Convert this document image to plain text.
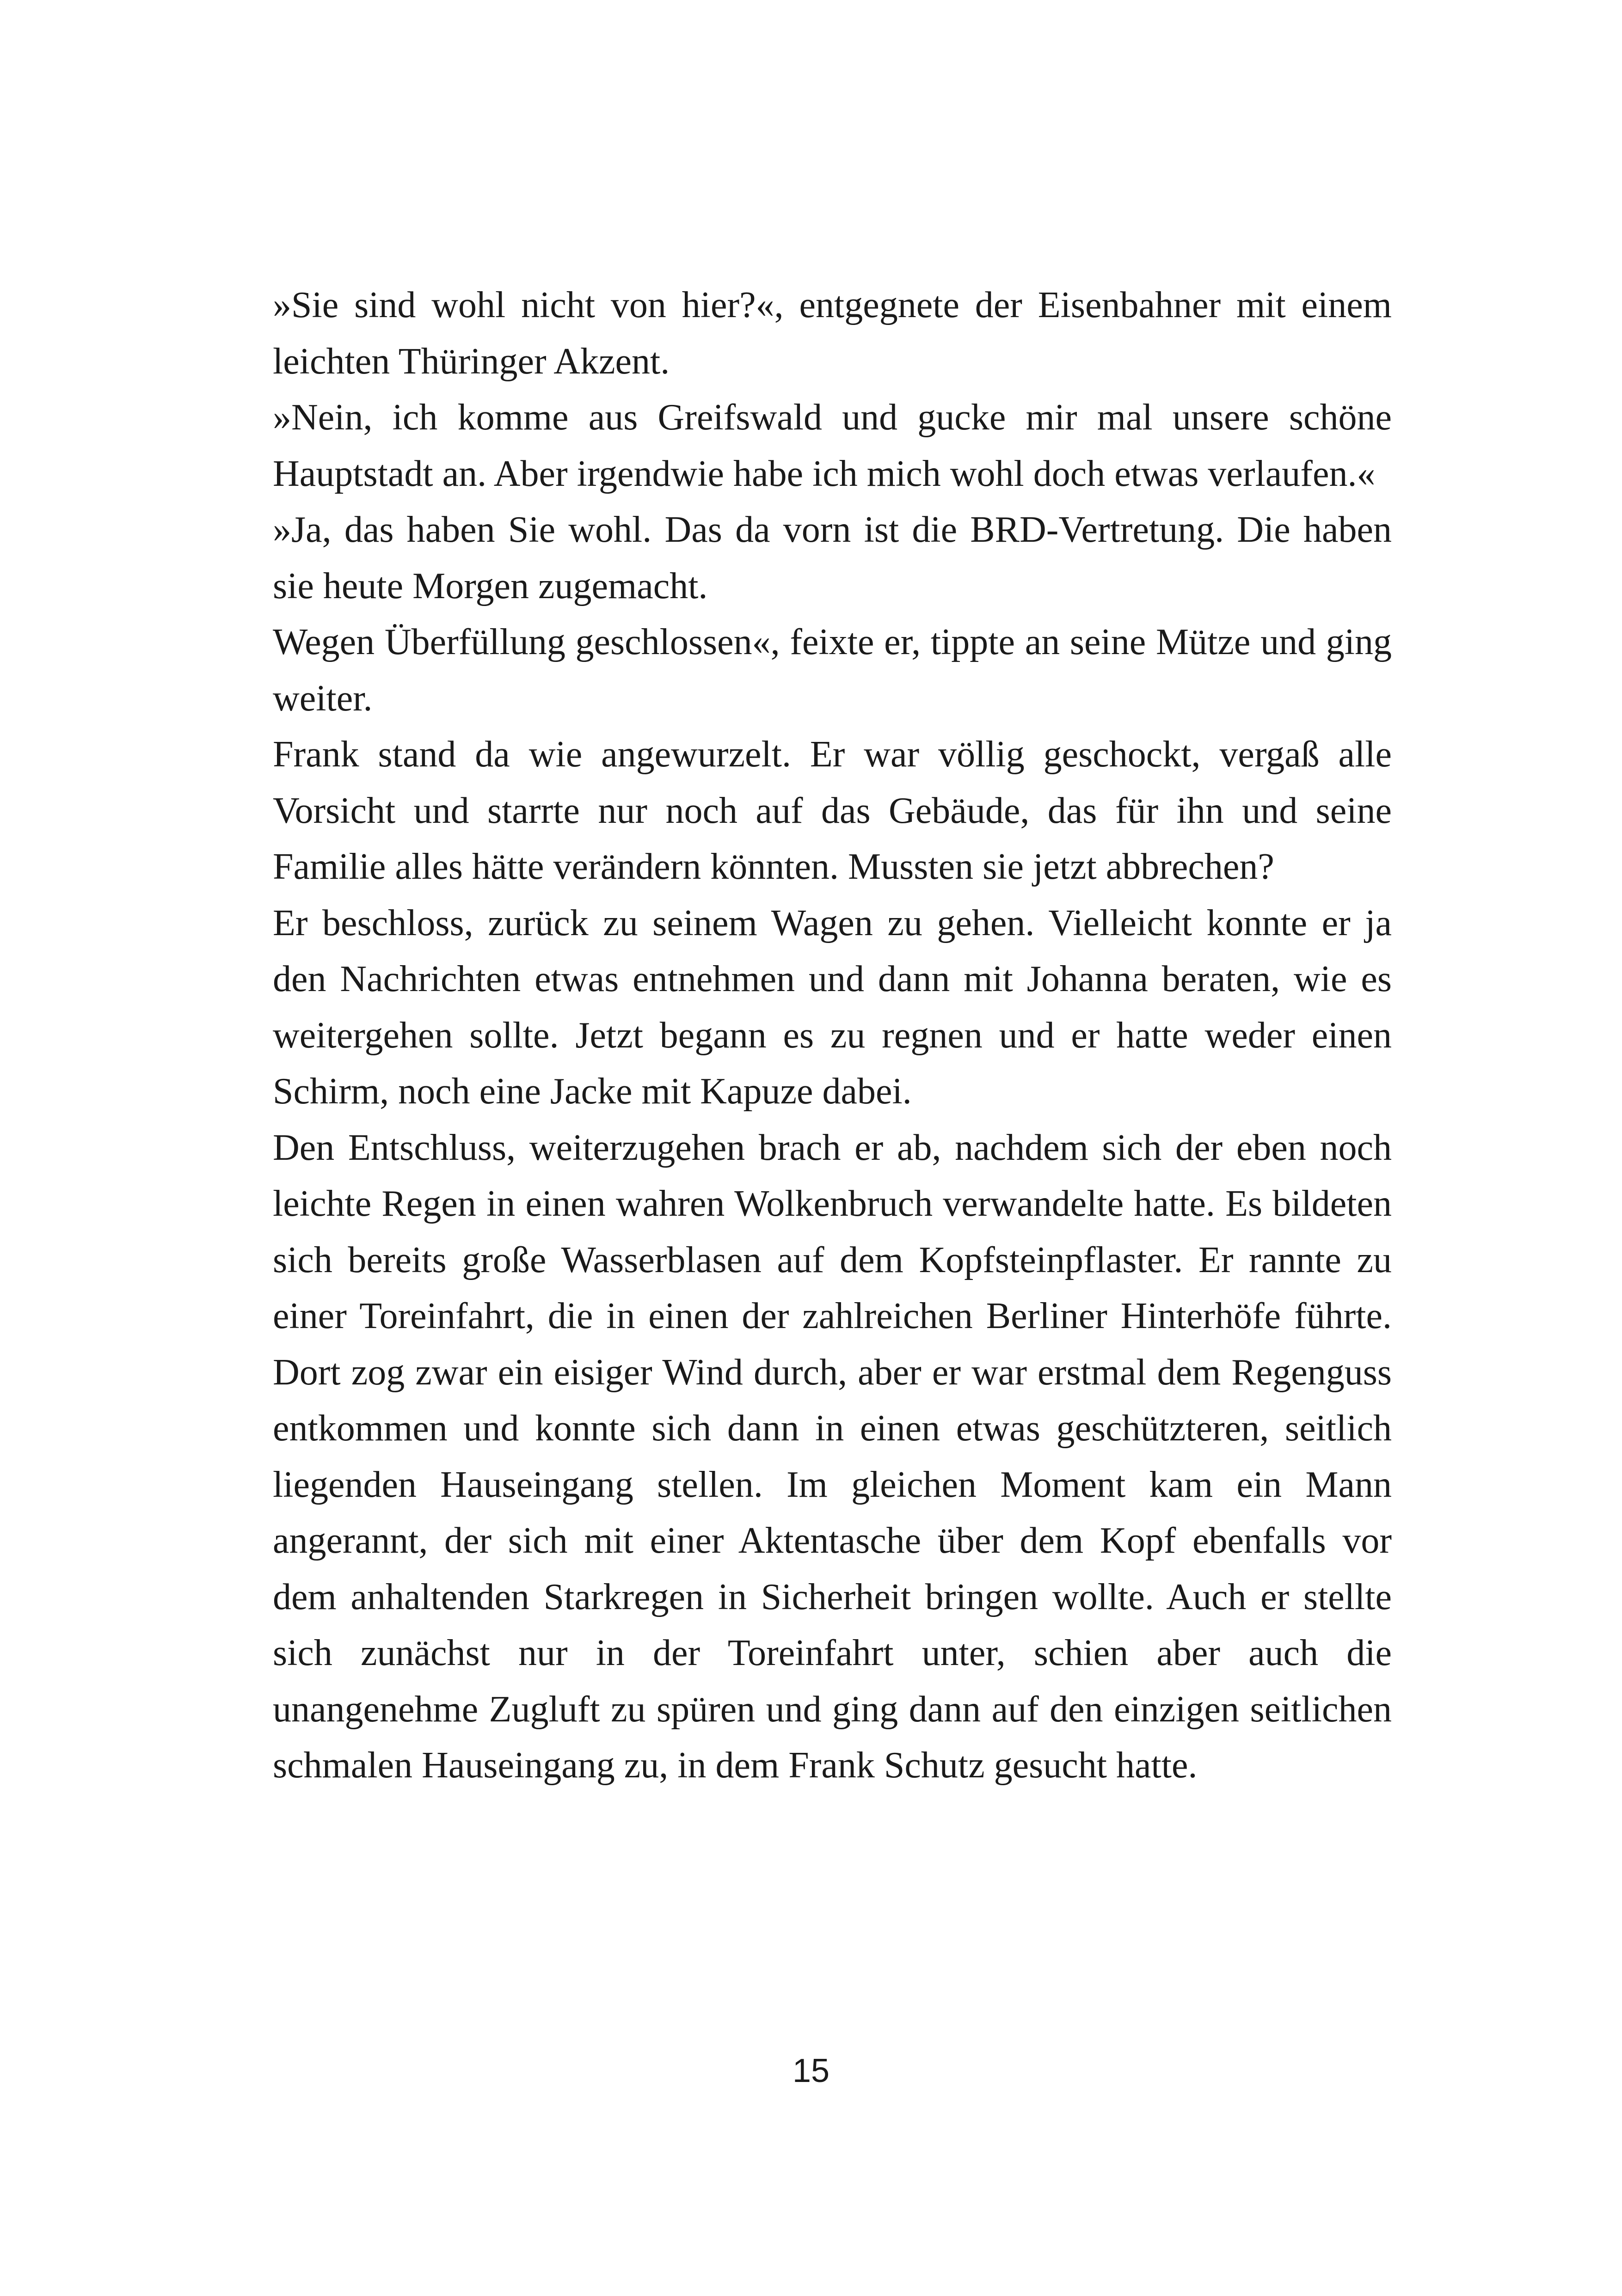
»Sie sind wohl nicht von hier?«, entgegnete der Eisenbahner mit einem leichten Thüringer Akzent.

»Nein, ich komme aus Greifswald und gucke mir mal unsere schöne Hauptstadt an. Aber irgendwie habe ich mich wohl doch etwas verlaufen.«

»Ja, das haben Sie wohl. Das da vorn ist die BRD-Vertretung. Die haben sie heute Morgen zugemacht.

Wegen Überfüllung geschlossen«, feixte er, tippte an seine Mütze und ging weiter.

Frank stand da wie angewurzelt. Er war völlig geschockt, vergaß alle Vorsicht und starrte nur noch auf das Gebäude, das für ihn und seine Familie alles hätte verändern könnten. Mussten sie jetzt abbrechen?

Er beschloss, zurück zu seinem Wagen zu gehen. Vielleicht konnte er ja den Nachrichten etwas entnehmen und dann mit Johanna beraten, wie es weitergehen sollte. Jetzt begann es zu regnen und er hatte weder einen Schirm, noch eine Jacke mit Kapuze dabei.

Den Entschluss, weiterzugehen brach er ab, nachdem sich der eben noch leichte Regen in einen wahren Wolkenbruch verwandelte hatte. Es bildeten sich bereits große Wasserblasen auf dem Kopfsteinpflaster. Er rannte zu einer Toreinfahrt, die in einen der zahlreichen Berliner Hinterhöfe führte. Dort zog zwar ein eisiger Wind durch, aber er war erstmal dem Regenguss entkommen und konnte sich dann in einen etwas geschützteren, seitlich liegenden Hauseingang stellen. Im gleichen Moment kam ein Mann angerannt, der sich mit einer Aktentasche über dem Kopf ebenfalls vor dem anhaltenden Starkregen in Sicherheit bringen wollte. Auch er stellte sich zunächst nur in der Toreinfahrt unter, schien aber auch die unangenehme Zugluft zu spüren und ging dann auf den einzigen seitlichen schmalen Hauseingang zu, in dem Frank Schutz gesucht hatte.

15
